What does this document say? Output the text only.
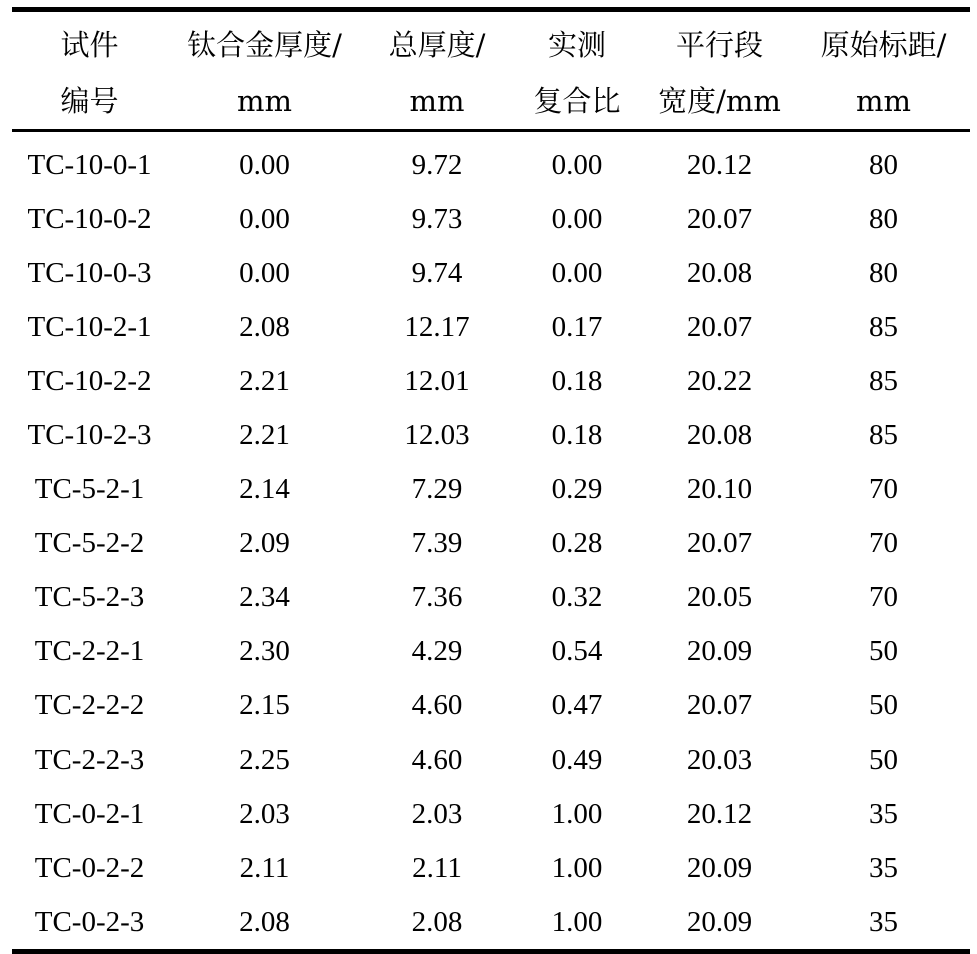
试件	钛合金厚度/	总厚度/	实测	平行段	原始标距/
编号	mm	mm	复合比	宽度/mm	mm
TC-10-0-1	0.00	9.72	0.00	20.12	80
TC-10-0-2	0.00	9.73	0.00	20.07	80
TC-10-0-3	0.00	9.74	0.00	20.08	80
TC-10-2-1	2.08	12.17	0.17	20.07	85
TC-10-2-2	2.21	12.01	0.18	20.22	85
TC-10-2-3	2.21	12.03	0.18	20.08	85
TC-5-2-1	2.14	7.29	0.29	20.10	70
TC-5-2-2	2.09	7.39	0.28	20.07	70
TC-5-2-3	2.34	7.36	0.32	20.05	70
TC-2-2-1	2.30	4.29	0.54	20.09	50
TC-2-2-2	2.15	4.60	0.47	20.07	50
TC-2-2-3	2.25	4.60	0.49	20.03	50
TC-0-2-1	2.03	2.03	1.00	20.12	35
TC-0-2-2	2.11	2.11	1.00	20.09	35
TC-0-2-3	2.08	2.08	1.00	20.09	35
